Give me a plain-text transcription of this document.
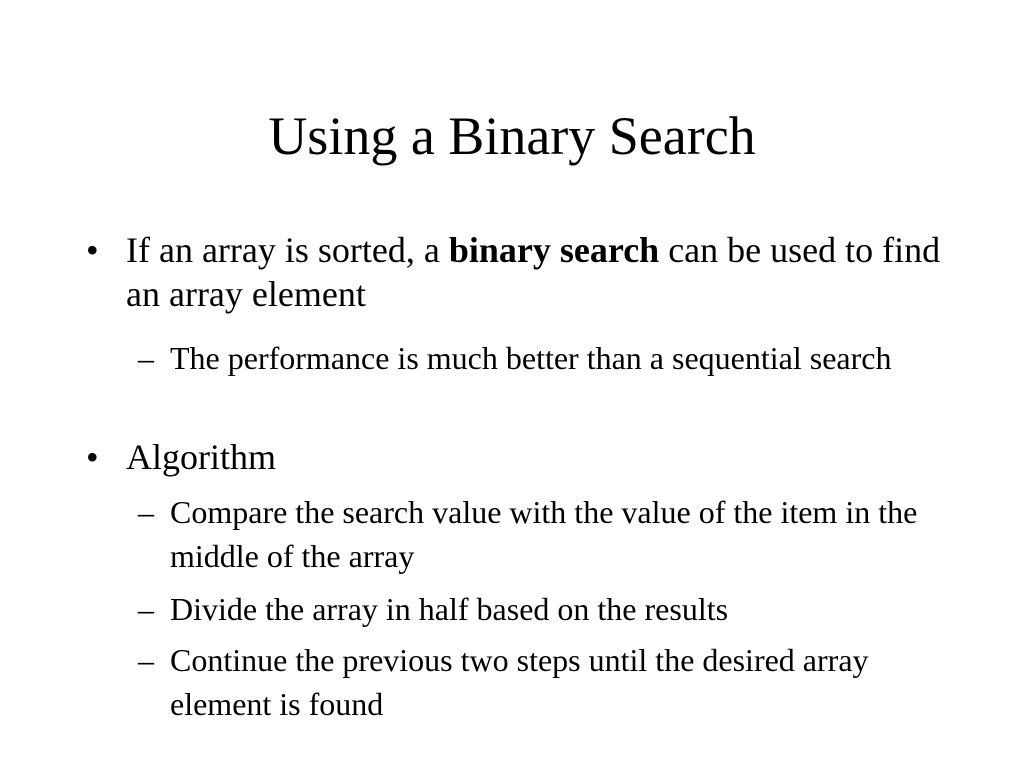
Using a Binary Search

• If an array is sorted, a binary search can be used to find an array element

– The performance is much better than a sequential search

• Algorithm

– Compare the search value with the value of the item in the middle of the array

– Divide the array in half based on the results

– Continue the previous two steps until the desired array element is found
